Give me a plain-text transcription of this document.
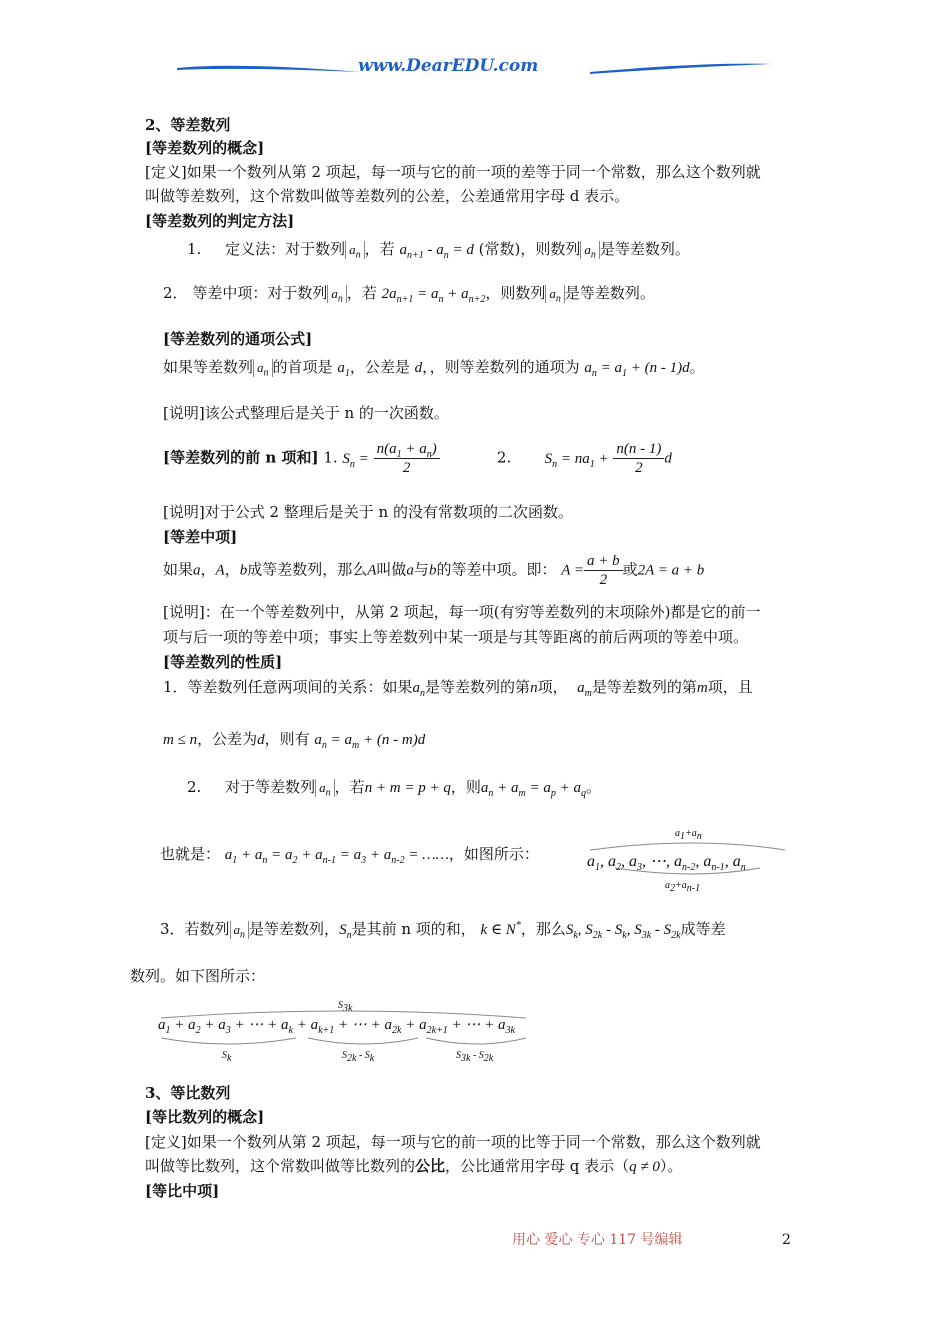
www.DearEDU.com
2、等差数列
[等差数列的概念]
[定义]如果一个数列从第 2 项起，每一项与它的前一项的差等于同一个常数，那么这个数列就
叫做等差数列，这个常数叫做等差数列的公差，公差通常用字母 d 表示。
[等差数列的判定方法]
1. 定义法：对于数列 $a_n$ ，若 $a_{n+1} - a_n = d$ (常数)，则数列 $a_n$ 是等差数列。
2． 等差中项：对于数列 $a_n$ ，若 $2a_{n+1} = a_n + a_{n+2}$，则数列 $a_n$ 是等差数列。
[等差数列的通项公式]
如果等差数列 $a_n$ 的首项是 $a_1$，公差是 d，，则等差数列的通项为 $a_n = a_1 + (n - 1)d$。
[说明]该公式整理后是关于 n 的一次函数。
[等差数列的前 n 项和] 1. $S_n = \frac{n(a_1 + a_n)}{2}$	2. $S_n = na_1 + \frac{n(n - 1)}{2}$ d
[说明]对于公式 2 整理后是关于 n 的没有常数项的二次函数。
[等差中项]
如果a，A，b成等差数列，那么A叫做a与b的等差中项。即： $A = \frac{a + b}{2}$ 或2A = a + b
[说明]：在一个等差数列中，从第 2 项起，每一项(有穷等差数列的末项除外)都是它的前一
项与后一项的等差中项；事实上等差数列中某一项是与其等距离的前后两项的等差中项。
[等差数列的性质]
1．等差数列任意两项间的关系：如果$a_n$是等差数列的第n项， $a_m$是等差数列的第m项，且
m ≤ n，公差为d，则有 $a_n = a_m + (n - m)d$
2. 对于等差数列 $a_n$ ，若n + m = p + q，则$a_n + a_m = a_p + a_q$。
也就是： $a_1 + a_n = a_2 + a_{n-1} = a_3 + a_{n-2}$ = ……，如图所示：
$a_1+a_n$
$a_1$, $a_2$, $a_3$, ⋯, $a_{n-2}$, $a_{n-1}$, $a_n$
$a_2+a_{n-1}$
3．若数列 $a_n$ 是等差数列，$S_n$是其前 n 项的和， k ∈ N*，那么$S_k$, $S_{2k} - S_k$, $S_{3k} - S_{2k}$成等差
数列。如下图所示：
$S_{3k}$
$a_1 + a_2 + a_3$ + ⋯ + $a_k + a_{k+1}$ + ⋯ + $a_{2k} + a_{2k+1}$ + ⋯ + $a_{3k}$
$S_k$	$S_{2k} - S_k$	$S_{3k} - S_{2k}$
3、等比数列
[等比数列的概念]
[定义]如果一个数列从第 2 项起，每一项与它的前一项的比等于同一个常数，那么这个数列就
叫做等比数列，这个常数叫做等比数列的公比，公比通常用字母 q 表示（q ≠ 0）。
[等比中项]
用心 爱心 专心 117 号编辑	2
